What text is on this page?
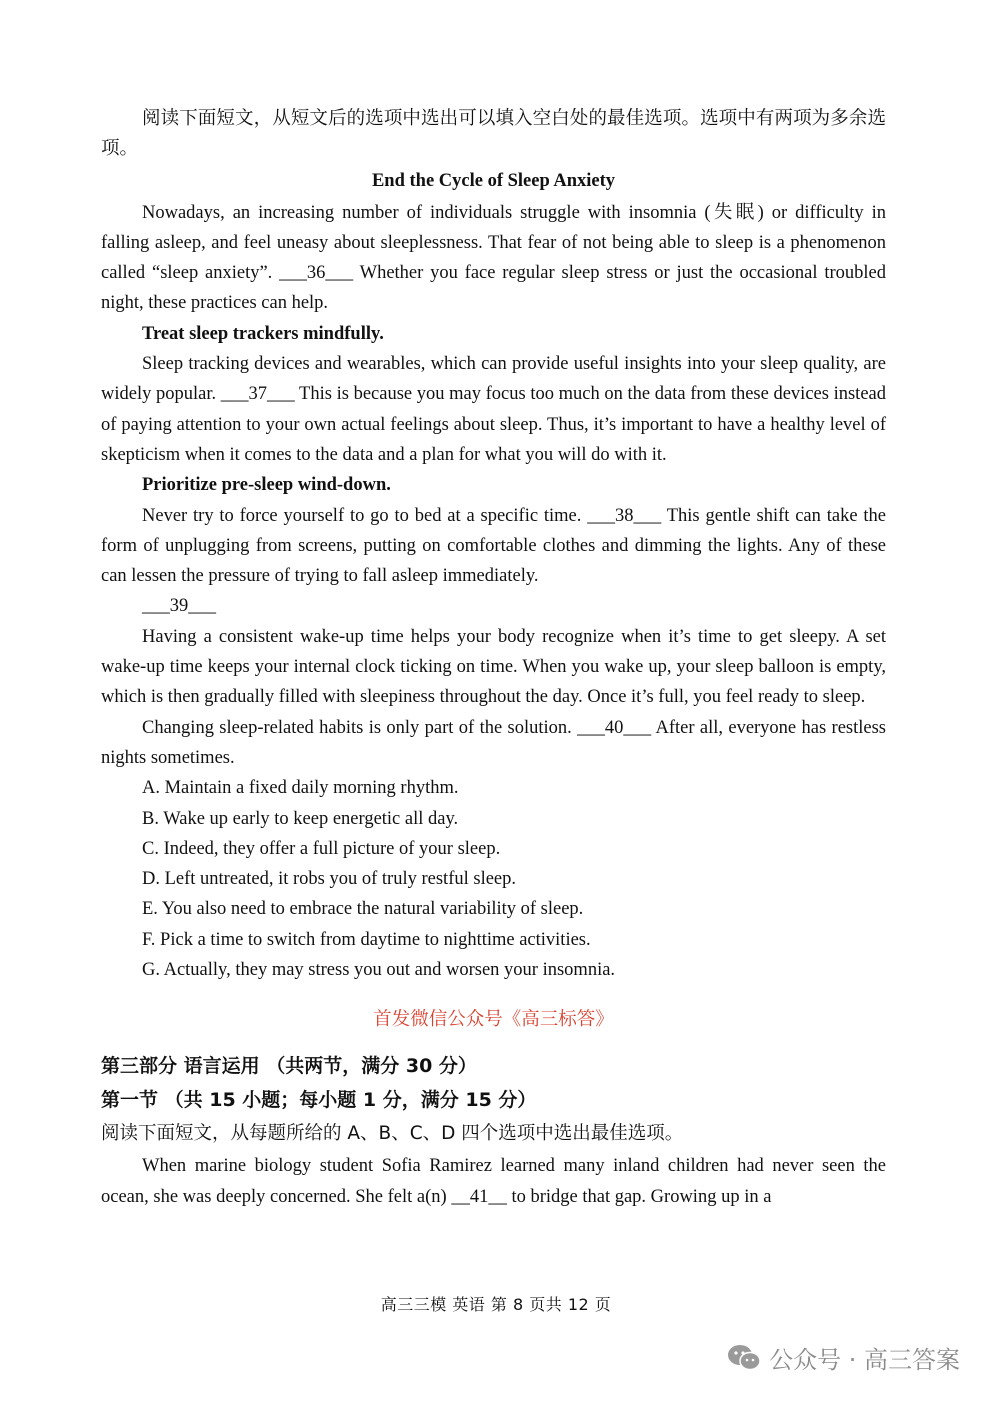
阅读下面短文，从短文后的选项中选出可以填入空白处的最佳选项。选项中有两项为多余选项。

End the Cycle of Sleep Anxiety

Nowadays, an increasing number of individuals struggle with insomnia (失眠) or difficulty in falling asleep, and feel uneasy about sleeplessness. That fear of not being able to sleep is a phenomenon called “sleep anxiety”. ___36___ Whether you face regular sleep stress or just the occasional troubled night, these practices can help.

Treat sleep trackers mindfully.

Sleep tracking devices and wearables, which can provide useful insights into your sleep quality, are widely popular. ___37___ This is because you may focus too much on the data from these devices instead of paying attention to your own actual feelings about sleep. Thus, it’s important to have a healthy level of skepticism when it comes to the data and a plan for what you will do with it.

Prioritize pre-sleep wind-down.

Never try to force yourself to go to bed at a specific time. ___38___ This gentle shift can take the form of unplugging from screens, putting on comfortable clothes and dimming the lights. Any of these can lessen the pressure of trying to fall asleep immediately.

___39___

Having a consistent wake-up time helps your body recognize when it’s time to get sleepy. A set wake-up time keeps your internal clock ticking on time. When you wake up, your sleep balloon is empty, which is then gradually filled with sleepiness throughout the day. Once it’s full, you feel ready to sleep.

Changing sleep-related habits is only part of the solution. ___40___ After all, everyone has restless nights sometimes.

A. Maintain a fixed daily morning rhythm.

B. Wake up early to keep energetic all day.

C. Indeed, they offer a full picture of your sleep.

D. Left untreated, it robs you of truly restful sleep.

E. You also need to embrace the natural variability of sleep.

F. Pick a time to switch from daytime to nighttime activities.

G. Actually, they may stress you out and worsen your insomnia.

首发微信公众号《高三标答》

第三部分 语言运用 （共两节，满分 30 分）

第一节 （共 15 小题；每小题 1 分，满分 15 分）

阅读下面短文，从每题所给的 A、B、C、D 四个选项中选出最佳选项。

When marine biology student Sofia Ramirez learned many inland children had never seen the ocean, she was deeply concerned. She felt a(n) __41__ to bridge that gap. Growing up in a

高三三模 英语 第 8 页共 12 页
公众号 · 高三答案
